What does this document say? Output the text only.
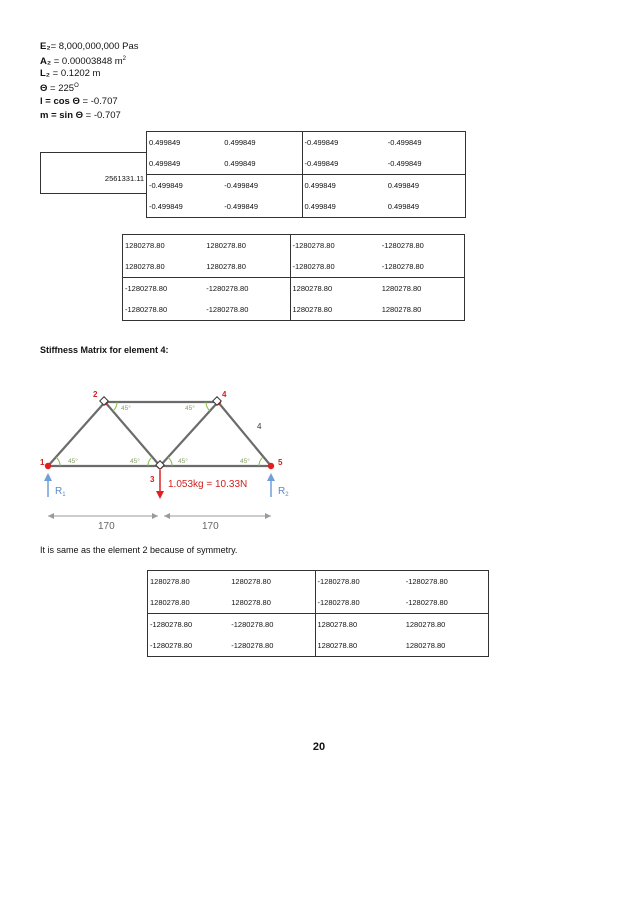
E₂= 8,000,000,000 Pas
A₂ = 0.00003848 $m^2$
L₂ = 0.1202 m
$\Theta = 225^O$
l = cos Θ = -0.707
m = sin Θ = -0.707
2561331.11
0.499849	0.499849	-0.499849	-0.499849
0.499849	0.499849	-0.499849	-0.499849
-0.499849	-0.499849	0.499849	0.499849
-0.499849	-0.499849	0.499849	0.499849
1280278.80	1280278.80	-1280278.80	-1280278.80
1280278.80	1280278.80	-1280278.80	-1280278.80
-1280278.80	-1280278.80	1280278.80	1280278.80
-1280278.80	-1280278.80	1280278.80	1280278.80
Stiffness Matrix for element 4:
45°	45°	45°	45°
45°	45°
1
2
3
4
5
4
1.053kg = 10.33N
$R_1$	$R_2$
170	170
It is same as the element 2 because of symmetry.
1280278.80	1280278.80	-1280278.80	-1280278.80
1280278.80	1280278.80	-1280278.80	-1280278.80
-1280278.80	-1280278.80	1280278.80	1280278.80
-1280278.80	-1280278.80	1280278.80	1280278.80
20
